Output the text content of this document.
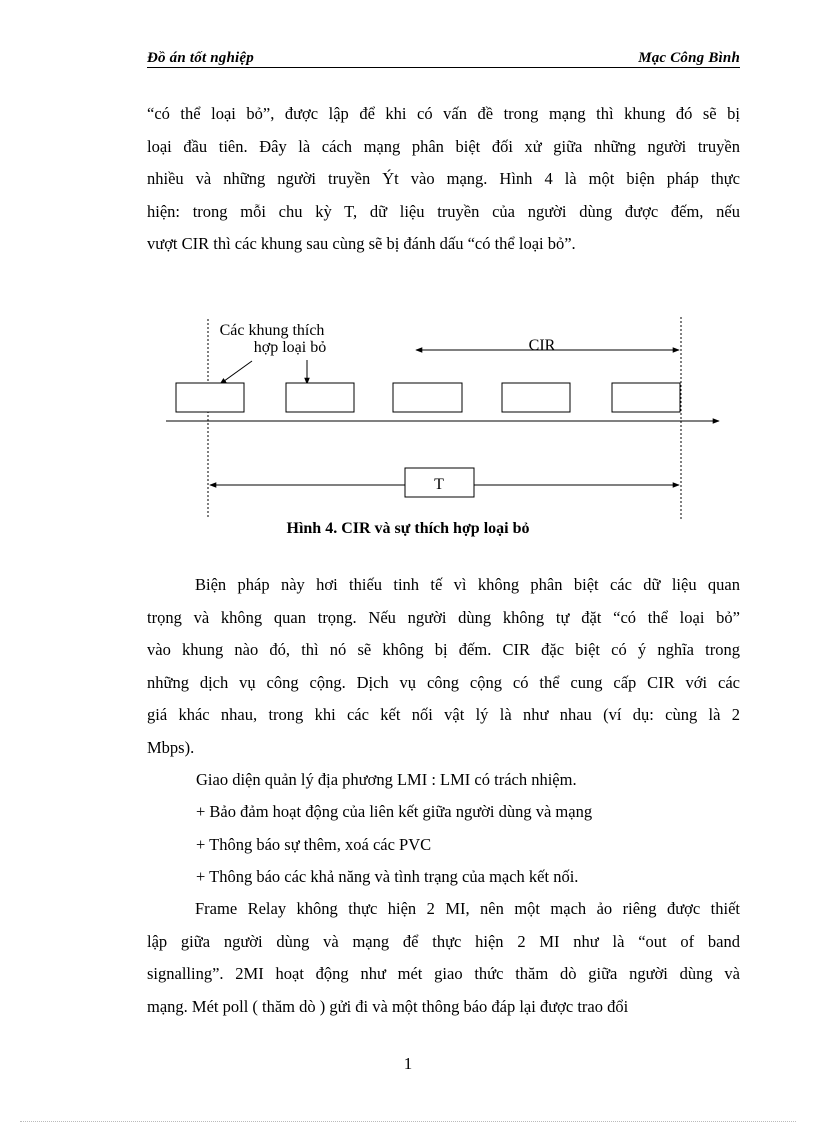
Đồ án tốt nghiệp	Mạc Công Bình

“có thể loại bỏ”, được lập để khi có vấn đề trong mạng thì khung đó sẽ bị

loại đầu tiên. Đây là cách mạng phân biệt đối xử giữa những người truyền

nhiều và những người truyền Ýt vào mạng. Hình 4 là một biện pháp thực

hiện: trong mỗi chu kỳ T, dữ liệu truyền của người dùng được đếm, nếu

vượt CIR thì các khung sau cùng sẽ bị đánh dấu “có thể loại bỏ”.

Các khung thích
hợp loại bỏ	CIR
T
Hình 4. CIR và sự thích hợp loại bỏ

Biện pháp này hơi thiếu tinh tế vì không phân biệt các dữ liệu quan

trọng và không quan trọng. Nếu người dùng không tự đặt “có thể loại bỏ”

vào khung nào đó, thì nó sẽ không bị đếm. CIR đặc biệt có ý nghĩa trong

những dịch vụ công cộng. Dịch vụ công cộng có thể cung cấp CIR với các

giá khác nhau, trong khi các kết nối vật lý là như nhau (ví dụ: cùng là 2

Mbps).

Giao diện quản lý địa phương LMI : LMI có trách nhiệm.
+ Bảo đảm hoạt động của liên kết giữa người dùng và mạng
+ Thông báo sự thêm, xoá các PVC
+ Thông báo các khả năng và tình trạng của mạch kết nối.

Frame Relay không thực hiện 2 MI, nên một mạch ảo riêng được thiết

lập giữa người dùng và mạng để thực hiện 2 MI như là “out of band

signalling”. 2MI hoạt động như mét giao thức thăm dò giữa người dùng và

mạng. Mét poll ( thăm dò ) gửi đi và một thông báo đáp lại được trao đổi

1
